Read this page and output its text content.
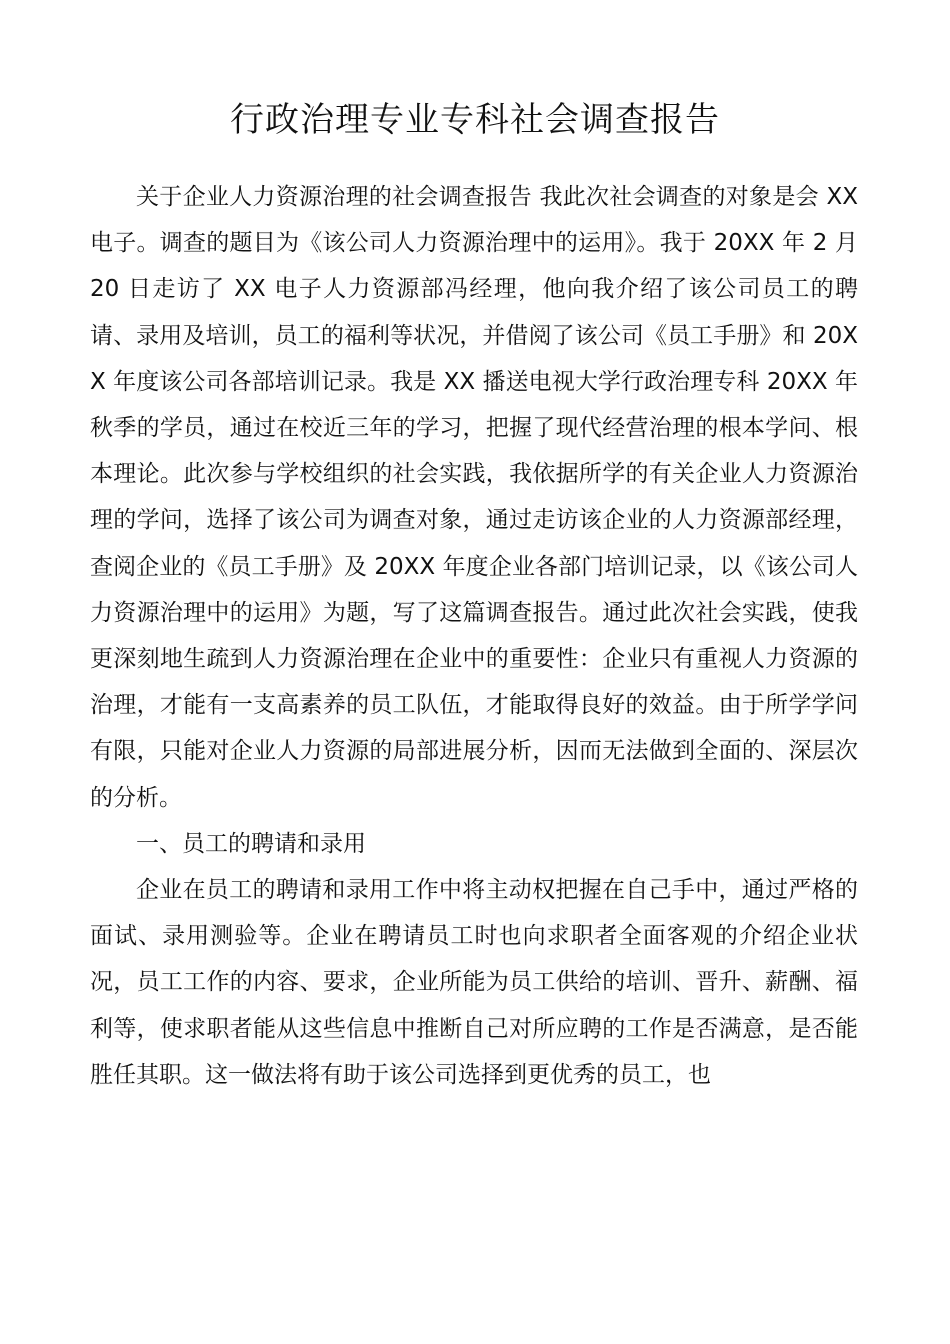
行政治理专业专科社会调查报告

关于企业人力资源治理的社会调查报告 我此次社会调查的对象是会 XX 电子。调查的题目为《该公司人力资源治理中的运用》。我于 20XX 年 2 月 20 日走访了 XX 电子人力资源部冯经理，他向我介绍了该公司员工的聘请、录用及培训，员工的福利等状况，并借阅了该公司《员工手册》和 20XX 年度该公司各部培训记录。我是 XX 播送电视大学行政治理专科 20XX 年秋季的学员，通过在校近三年的学习，把握了现代经营治理的根本学问、根本理论。此次参与学校组织的社会实践，我依据所学的有关企业人力资源治理的学问，选择了该公司为调查对象，通过走访该企业的人力资源部经理，查阅企业的《员工手册》及 20XX 年度企业各部门培训记录，以《该公司人力资源治理中的运用》为题，写了这篇调查报告。通过此次社会实践，使我更深刻地生疏到人力资源治理在企业中的重要性：企业只有重视人力资源的治理，才能有一支高素养的员工队伍，才能取得良好的效益。由于所学学问有限，只能对企业人力资源的局部进展分析，因而无法做到全面的、深层次的分析。

一、员工的聘请和录用

企业在员工的聘请和录用工作中将主动权把握在自己手中，通过严格的面试、录用测验等。企业在聘请员工时也向求职者全面客观的介绍企业状况，员工工作的内容、要求，企业所能为员工供给的培训、晋升、薪酬、福利等，使求职者能从这些信息中推断自己对所应聘的工作是否满意，是否能胜任其职。这一做法将有助于该公司选择到更优秀的员工，也
